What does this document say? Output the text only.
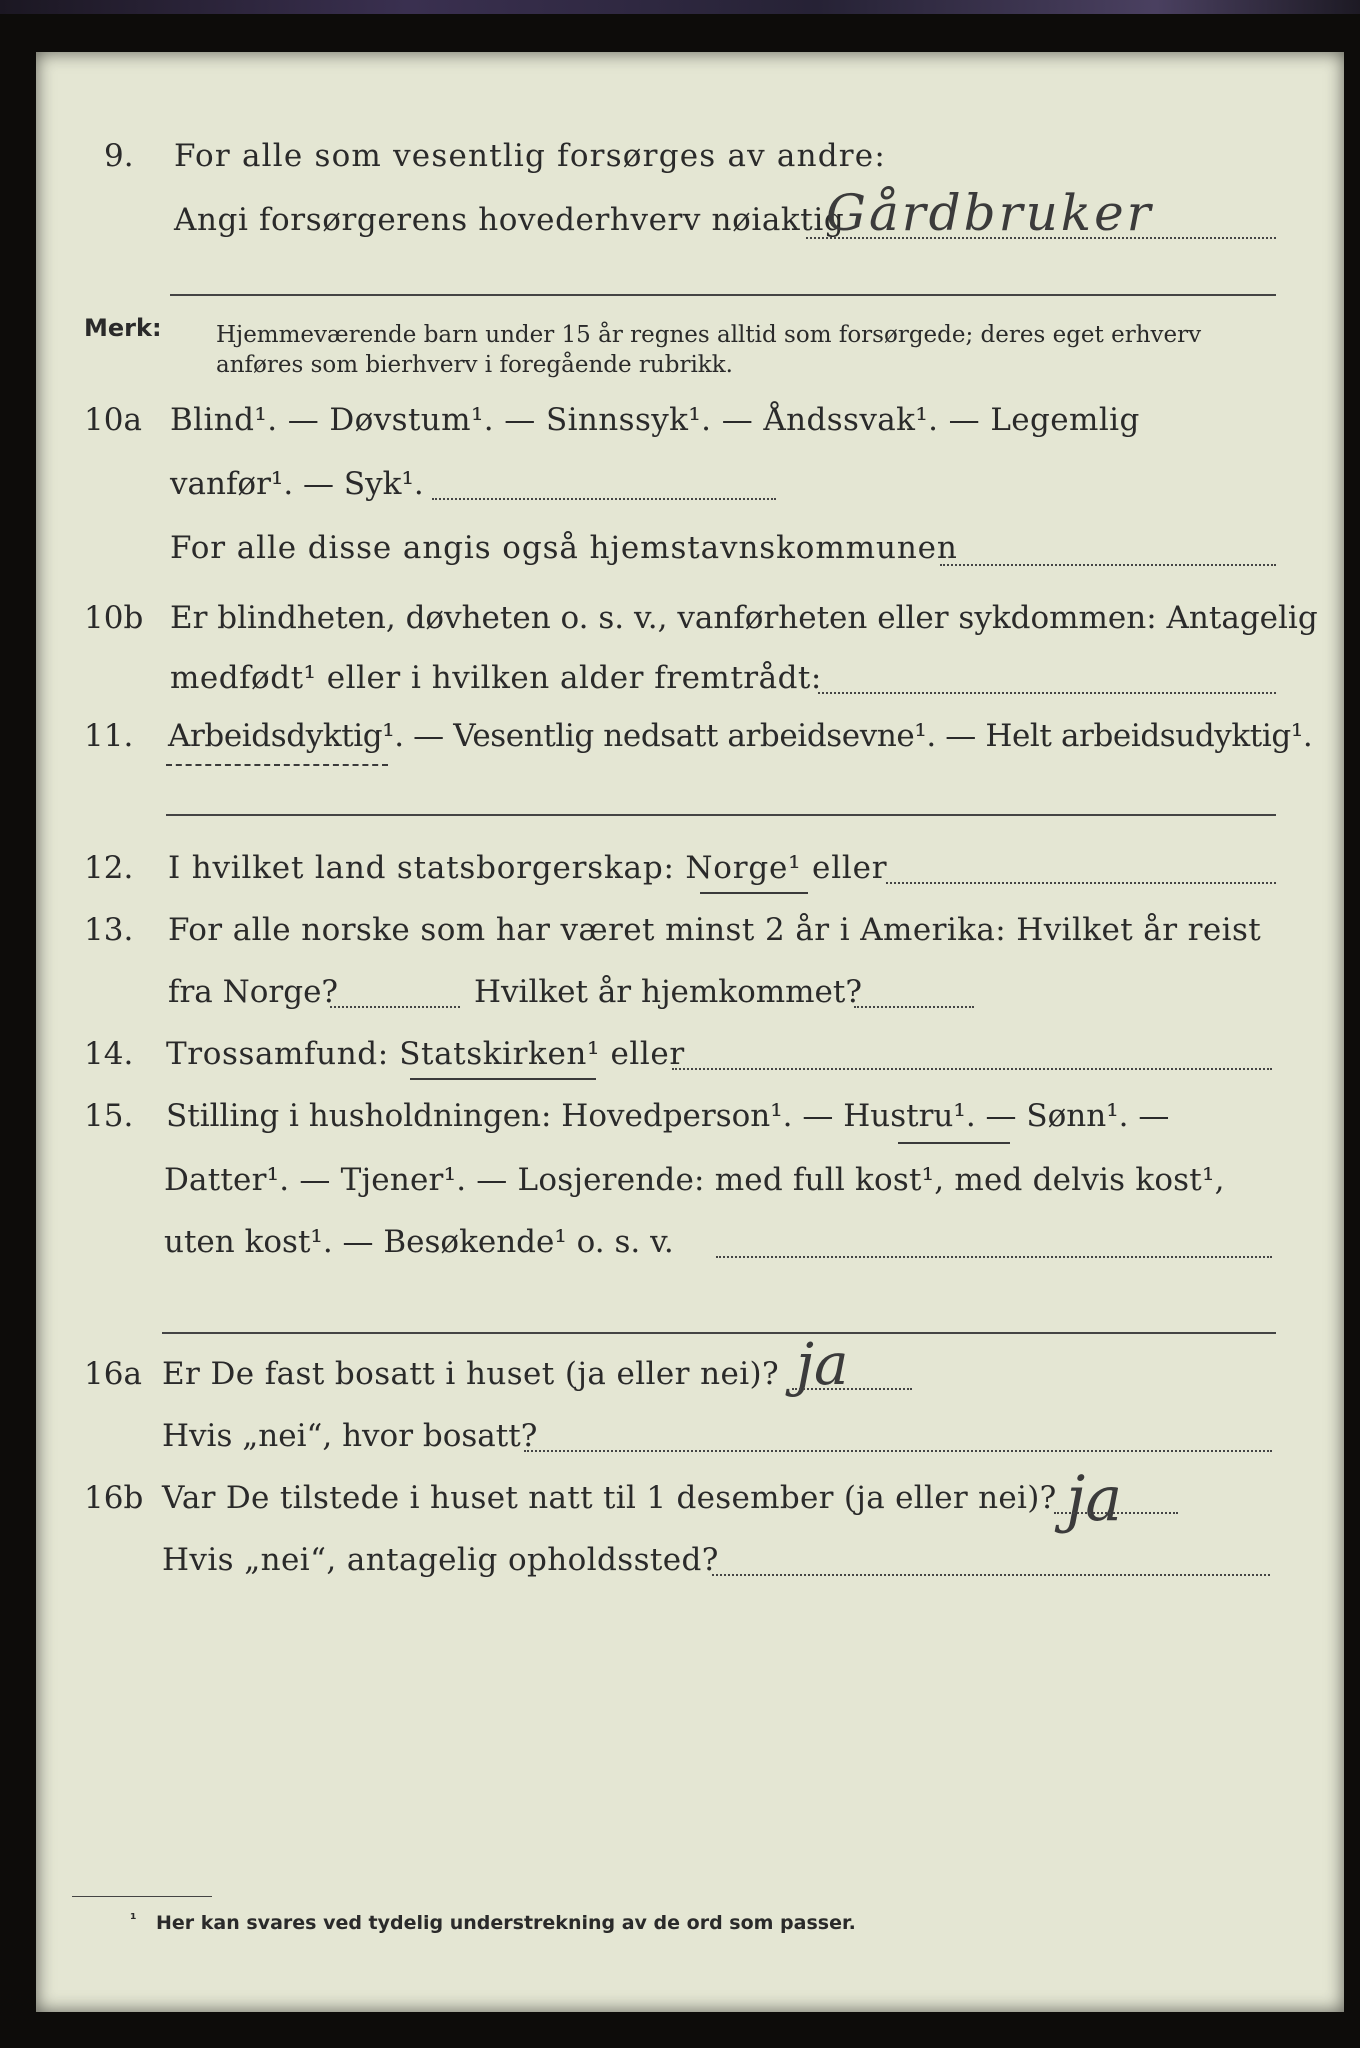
9. For alle som vesentlig forsørges av andre:
Angi forsørgerens hovederhverv nøiaktig
Gårdbruker
Merk: Hjemmeværende barn under 15 år regnes alltid som forsørgede; deres eget erhverv
anføres som bierhverv i foregående rubrikk.
10a Blind¹. — Døvstum¹. — Sinnssyk¹. — Åndssvak¹. — Legemlig
vanfør¹. — Syk¹.
For alle disse angis også hjemstavnskommunen
10b Er blindheten, døvheten o. s. v., vanførheten eller sykdommen: Antagelig
medfødt¹ eller i hvilken alder fremtrådt:
11. Arbeidsdyktig¹. — Vesentlig nedsatt arbeidsevne¹. — Helt arbeidsudyktig¹.
12. I hvilket land statsborgerskap: Norge¹ eller
13. For alle norske som har været minst 2 år i Amerika: Hvilket år reist
fra Norge?	Hvilket år hjemkommet?
14. Trossamfund: Statskirken¹ eller
15. Stilling i husholdningen: Hovedperson¹. — Hustru¹. — Sønn¹. —
Datter¹. — Tjener¹. — Losjerende: med full kost¹, med delvis kost¹,
uten kost¹. — Besøkende¹ o. s. v.
16a Er De fast bosatt i huset (ja eller nei)? ja
Hvis „nei“, hvor bosatt?
16b Var De tilstede i huset natt til 1 desember (ja eller nei)? ja
Hvis „nei“, antagelig opholdssted?
¹ Her kan svares ved tydelig understrekning av de ord som passer.
